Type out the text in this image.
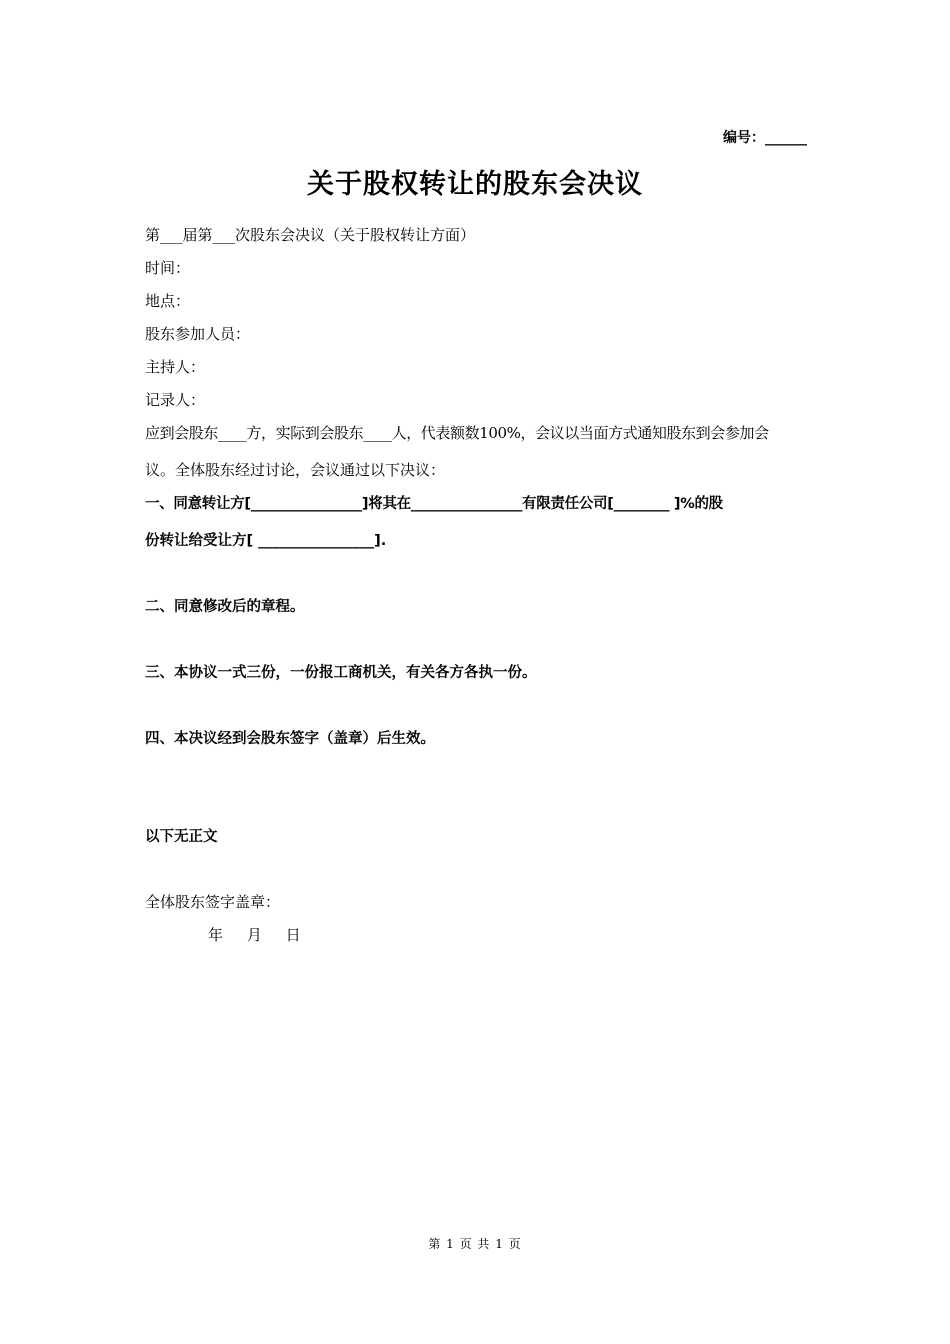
编号：______
关于股权转让的股东会决议
第___届第___次股东会决议（关于股权转让方面）
时间：
地点：
股东参加人员：
主持人：
记录人：
应到会股东____方，实际到会股东____人，代表额数100%，会议以当面方式通知股东到会参加会
议。全体股东经过讨论，会议通过以下决议：
一、同意转让方[________________]将其在________________有限责任公司[________ ]%的股
份转让给受让方[ ________________].
二、同意修改后的章程。
三、本协议一式三份，一份报工商机关，有关各方各执一份。
四、本决议经到会股东签字（盖章）后生效。
以下无正文
全体股东签字盖章：
年     月     日
第 1 页 共 1 页
